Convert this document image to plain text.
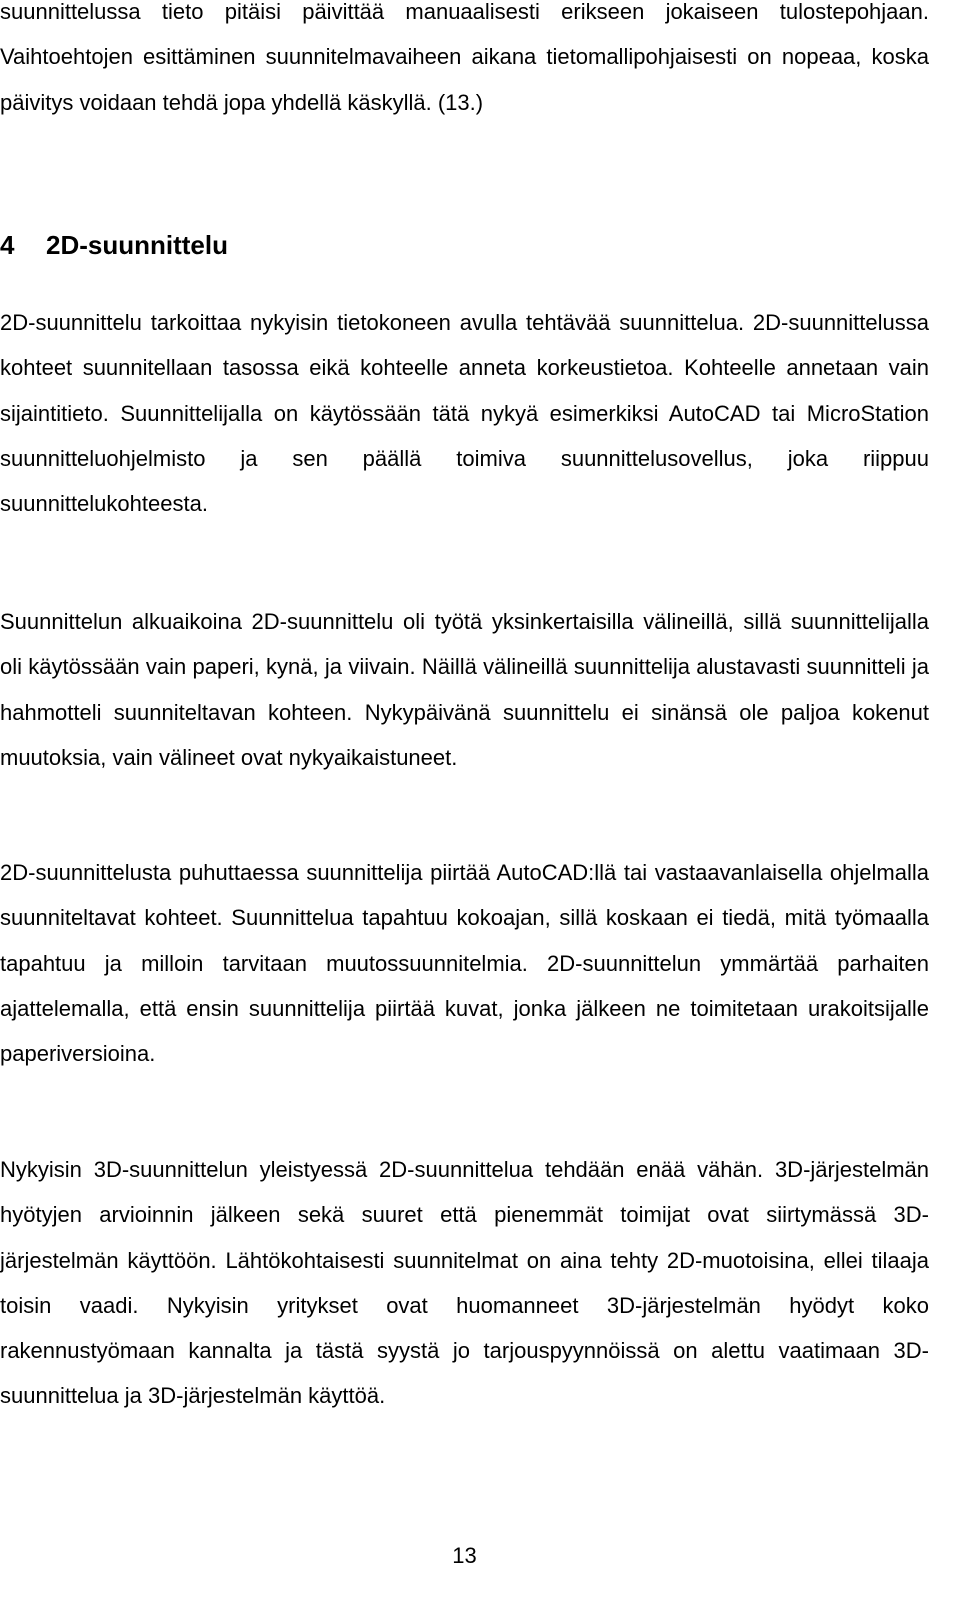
suunnittelussa tieto pitäisi päivittää manuaalisesti erikseen jokaiseen tulostepohjaan. Vaihtoehtojen esittäminen suunnitelmavaiheen aikana tietomallipohjaisesti on nopeaa, koska päivitys voidaan tehdä jopa yhdellä käskyllä. (13.)

4 2D-suunnittelu

2D-suunnittelu tarkoittaa nykyisin tietokoneen avulla tehtävää suunnittelua. 2D-suunnittelussa kohteet suunnitellaan tasossa eikä kohteelle anneta korkeustietoa. Kohteelle annetaan vain sijaintitieto. Suunnittelijalla on käytössään tätä nykyä esimerkiksi AutoCAD tai MicroStation suunnitteluohjelmisto ja sen päällä toimiva suunnittelusovellus, joka riippuu suunnittelukohteesta.

Suunnittelun alkuaikoina 2D-suunnittelu oli työtä yksinkertaisilla välineillä, sillä suunnittelijalla oli käytössään vain paperi, kynä, ja viivain. Näillä välineillä suunnittelija alustavasti suunnitteli ja hahmotteli suunniteltavan kohteen. Nykypäivänä suunnittelu ei sinänsä ole paljoa kokenut muutoksia, vain välineet ovat nykyaikaistuneet.

2D-suunnittelusta puhuttaessa suunnittelija piirtää AutoCAD:llä tai vastaavanlaisella ohjelmalla suunniteltavat kohteet. Suunnittelua tapahtuu kokoajan, sillä koskaan ei tiedä, mitä työmaalla tapahtuu ja milloin tarvitaan muutossuunnitelmia. 2D-suunnittelun ymmärtää parhaiten ajattelemalla, että ensin suunnittelija piirtää kuvat, jonka jälkeen ne toimitetaan urakoitsijalle paperiversioina.

Nykyisin 3D-suunnittelun yleistyessä 2D-suunnittelua tehdään enää vähän. 3D-järjestelmän hyötyjen arvioinnin jälkeen sekä suuret että pienemmät toimijat ovat siirtymässä 3D-järjestelmän käyttöön. Lähtökohtaisesti suunnitelmat on aina tehty 2D-muotoisina, ellei tilaaja toisin vaadi. Nykyisin yritykset ovat huomanneet 3D-järjestelmän hyödyt koko rakennustyömaan kannalta ja tästä syystä jo tarjouspyynnöissä on alettu vaatimaan 3D-suunnittelua ja 3D-järjestelmän käyttöä.

13
